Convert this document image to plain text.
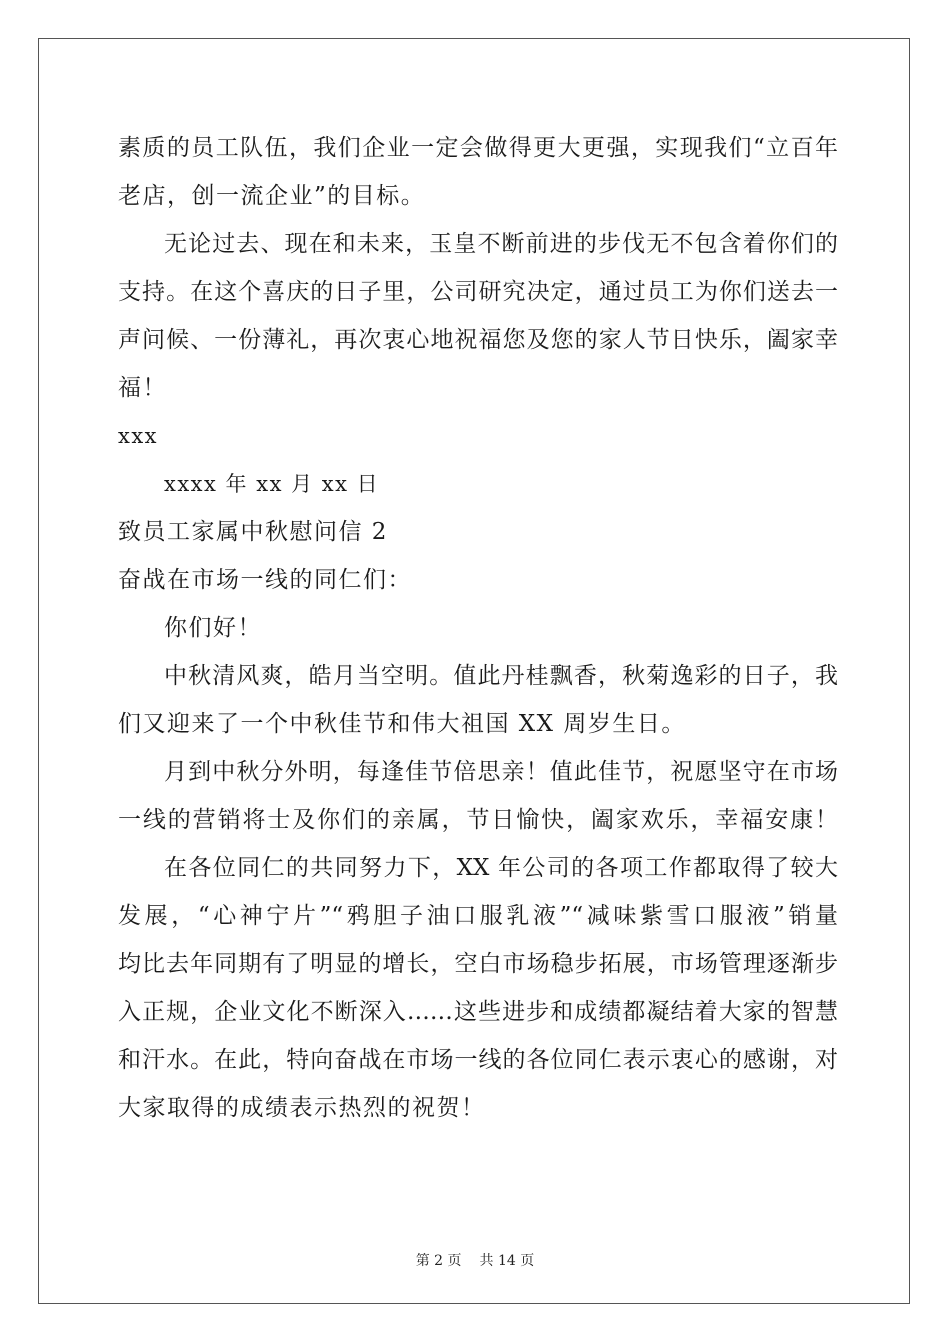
素质的员工队伍，我们企业一定会做得更大更强，实现我们“立百年
老店，创一流企业”的目标。
无论过去、现在和未来，玉皇不断前进的步伐无不包含着你们的
支持。在这个喜庆的日子里，公司研究决定，通过员工为你们送去一
声问候、一份薄礼，再次衷心地祝福您及您的家人节日快乐，阖家幸
福！
xxx
xxxx 年 xx 月 xx 日
致员工家属中秋慰问信 2
奋战在市场一线的同仁们：
你们好！
中秋清风爽，皓月当空明。值此丹桂飘香，秋菊逸彩的日子，我
们又迎来了一个中秋佳节和伟大祖国 XX 周岁生日。
月到中秋分外明，每逢佳节倍思亲！值此佳节，祝愿坚守在市场
一线的营销将士及你们的亲属，节日愉快，阖家欢乐，幸福安康！
在各位同仁的共同努力下，XX 年公司的各项工作都取得了较大
发展，“心神宁片”“鸦胆子油口服乳液”“减味紫雪口服液”销量
均比去年同期有了明显的增长，空白市场稳步拓展，市场管理逐渐步
入正规，企业文化不断深入……这些进步和成绩都凝结着大家的智慧
和汗水。在此，特向奋战在市场一线的各位同仁表示衷心的感谢，对
大家取得的成绩表示热烈的祝贺！
第 2 页 共 14 页
